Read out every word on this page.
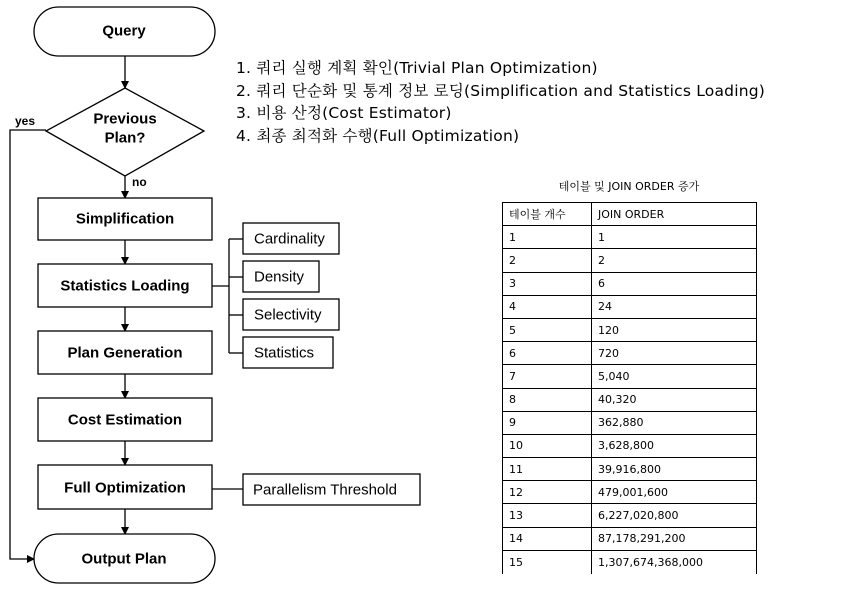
Query
Previous
Plan?
Simplification
Statistics Loading
Plan Generation
Cost Estimation
Full Optimization
Output Plan
Cardinality
Density
Selectivity
Statistics
Parallelism Threshold
yes
no
1. 쿼리 실행 계획 확인(Trivial Plan Optimization)
2. 쿼리 단순화 및 통계 정보 로딩(Simplification and Statistics Loading)
3. 비용 산정(Cost Estimator)
4. 최종 최적화 수행(Full Optimization)
테이블 및 JOIN ORDER 증가
테이블 개수	JOIN ORDER
1	1
2	2
3	6
4	24
5	120
6	720
7	5,040
8	40,320
9	362,880
10	3,628,800
11	39,916,800
12	479,001,600
13	6,227,020,800
14	87,178,291,200
15	1,307,674,368,000
